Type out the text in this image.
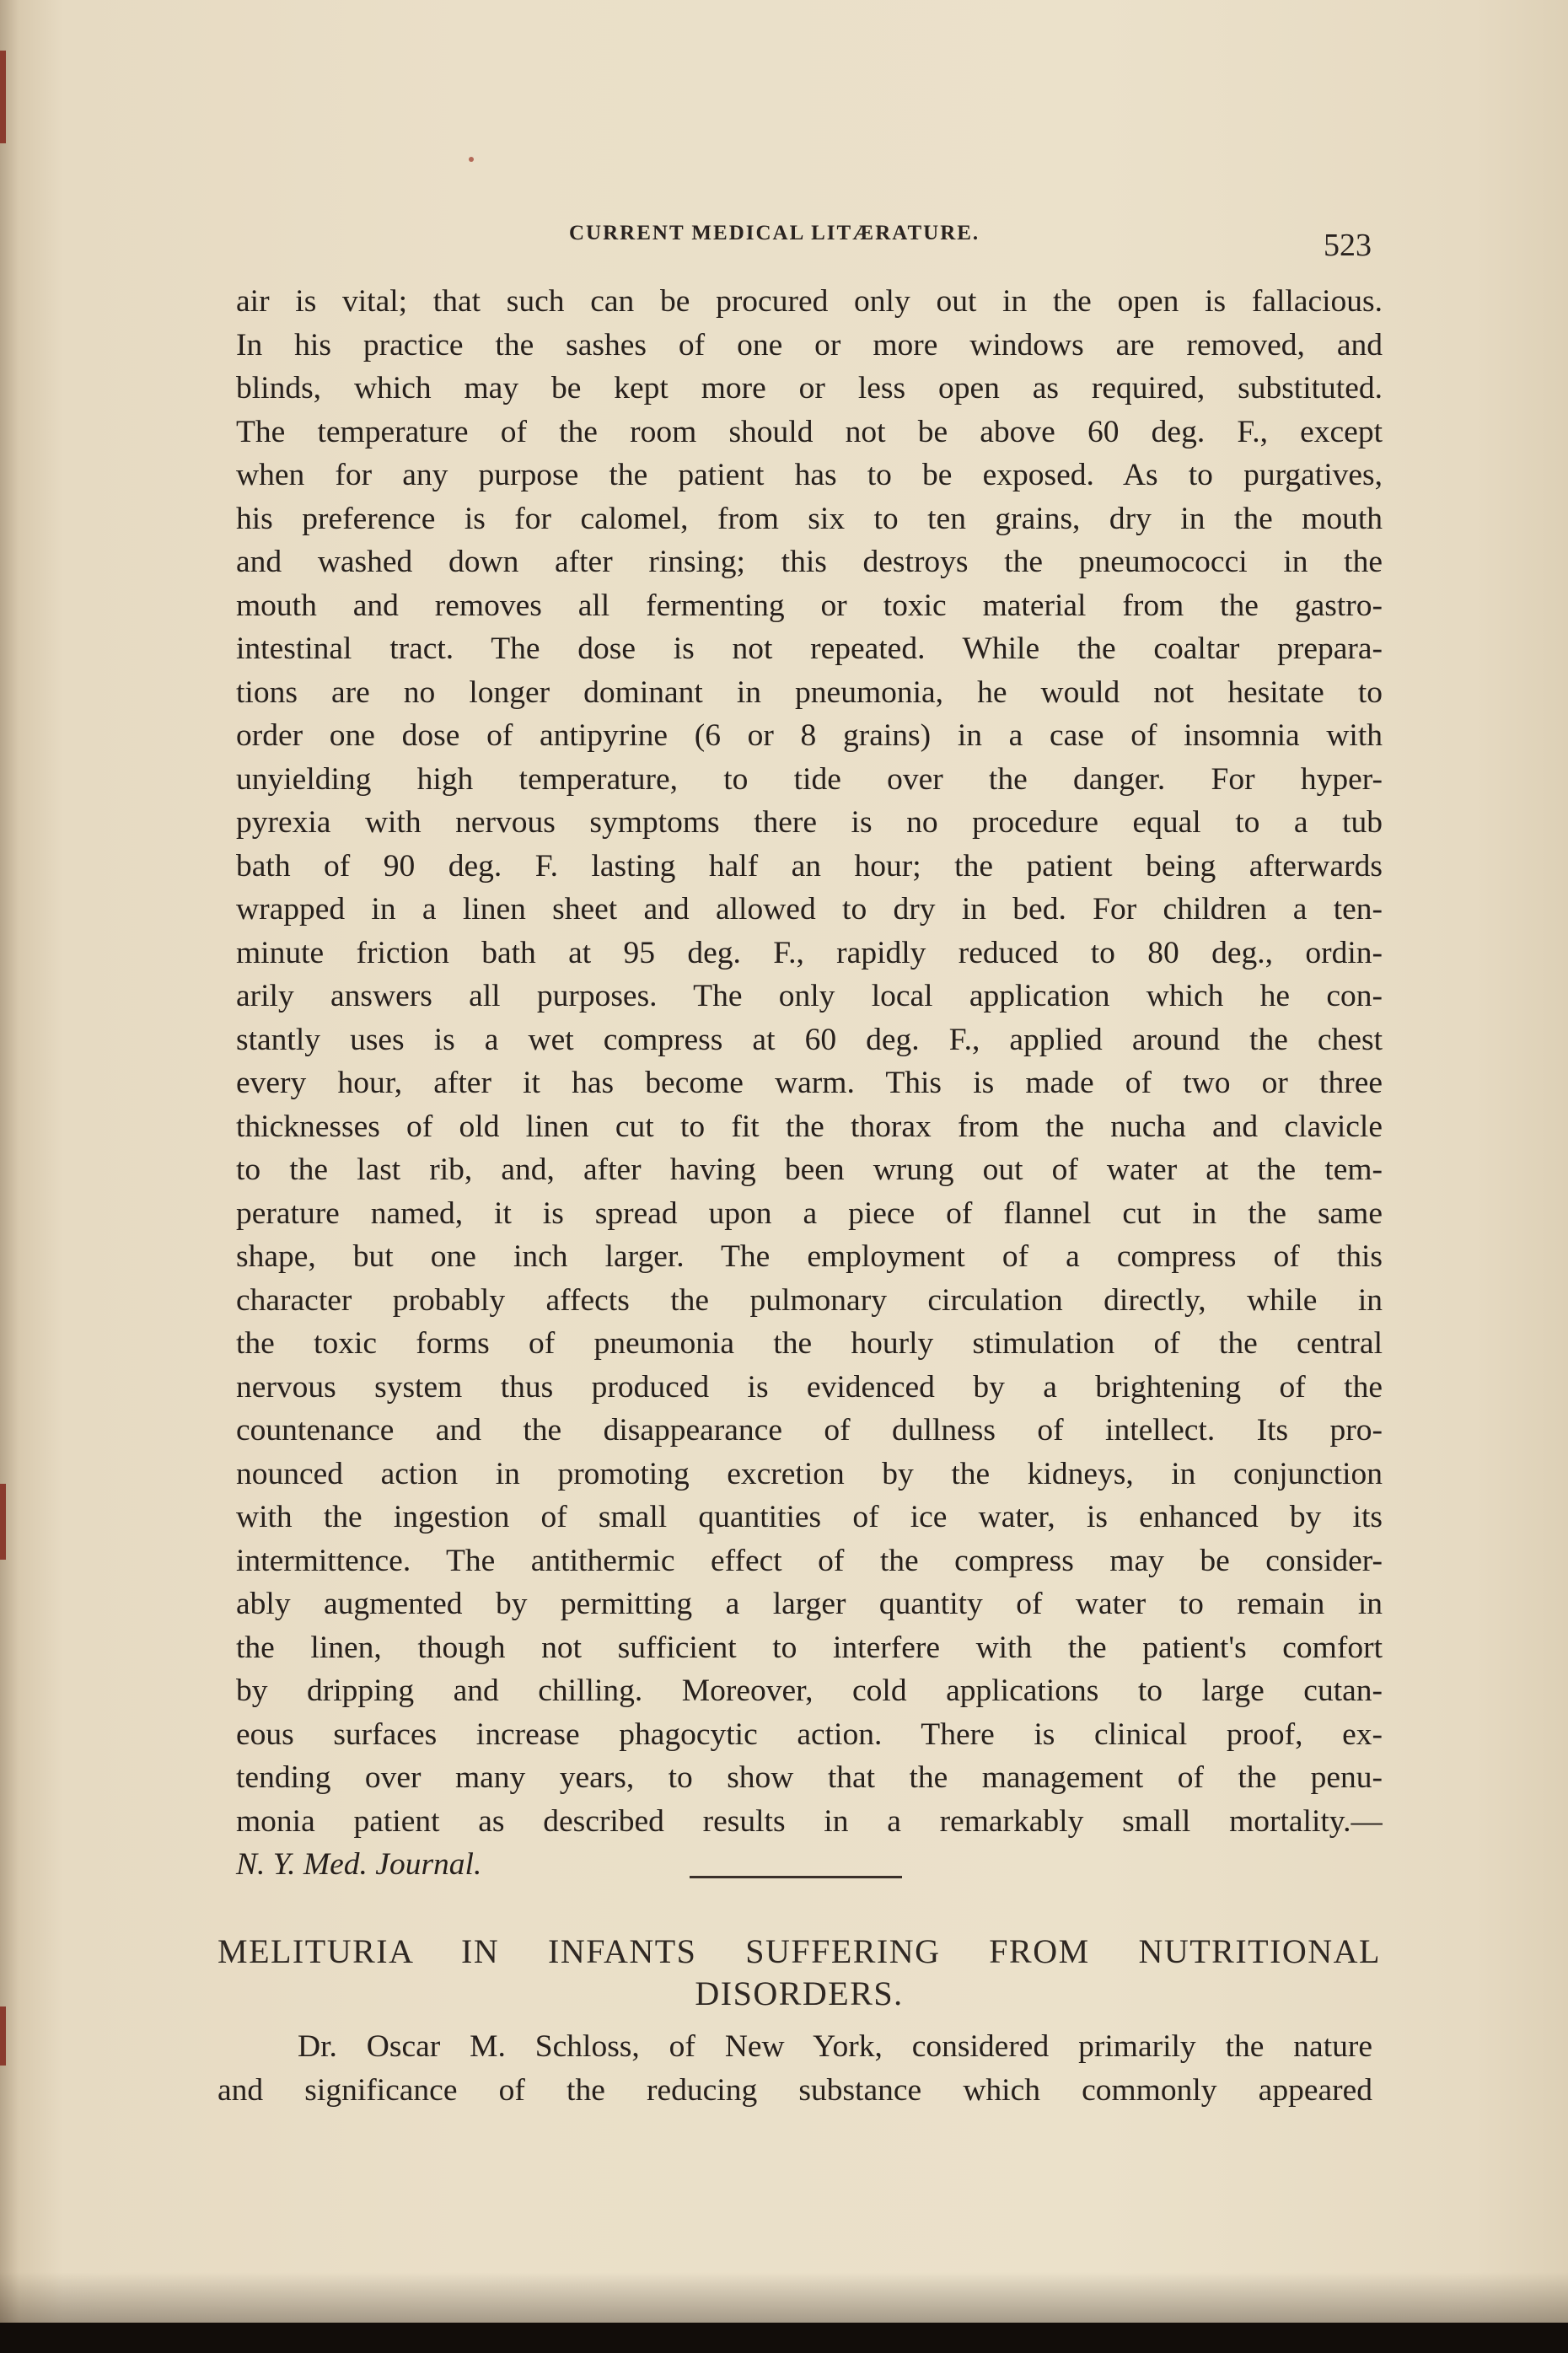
CURRENT MEDICAL LITÆRATURE.	523
air is vital; that such can be procured only out in the open is fallacious.
In his practice the sashes of one or more windows are removed, and
blinds, which may be kept more or less open as required, substituted.
The temperature of the room should not be above 60 deg. F., except
when for any purpose the patient has to be exposed. As to purgatives,
his preference is for calomel, from six to ten grains, dry in the mouth
and washed down after rinsing; this destroys the pneumococci in the
mouth and removes all fermenting or toxic material from the gastro-
intestinal tract. The dose is not repeated. While the coaltar prepara-
tions are no longer dominant in pneumonia, he would not hesitate to
order one dose of antipyrine (6 or 8 grains) in a case of insomnia with
unyielding high temperature, to tide over the danger. For hyper-
pyrexia with nervous symptoms there is no procedure equal to a tub
bath of 90 deg. F. lasting half an hour; the patient being afterwards
wrapped in a linen sheet and allowed to dry in bed. For children a ten-
minute friction bath at 95 deg. F., rapidly reduced to 80 deg., ordin-
arily answers all purposes. The only local application which he con-
stantly uses is a wet compress at 60 deg. F., applied around the chest
every hour, after it has become warm. This is made of two or three
thicknesses of old linen cut to fit the thorax from the nucha and clavicle
to the last rib, and, after having been wrung out of water at the tem-
perature named, it is spread upon a piece of flannel cut in the same
shape, but one inch larger. The employment of a compress of this
character probably affects the pulmonary circulation directly, while in
the toxic forms of pneumonia the hourly stimulation of the central
nervous system thus produced is evidenced by a brightening of the
countenance and the disappearance of dullness of intellect. Its pro-
nounced action in promoting excretion by the kidneys, in conjunction
with the ingestion of small quantities of ice water, is enhanced by its
intermittence. The antithermic effect of the compress may be consider-
ably augmented by permitting a larger quantity of water to remain in
the linen, though not sufficient to interfere with the patient's comfort
by dripping and chilling. Moreover, cold applications to large cutan-
eous surfaces increase phagocytic action. There is clinical proof, ex-
tending over many years, to show that the management of the penu-
monia patient as described results in a remarkably small mortality.—
N. Y. Med. Journal.
MELITURIA IN INFANTS SUFFERING FROM NUTRITIONAL
DISORDERS.
Dr. Oscar M. Schloss, of New York, considered primarily the nature
and significance of the reducing substance which commonly appeared
